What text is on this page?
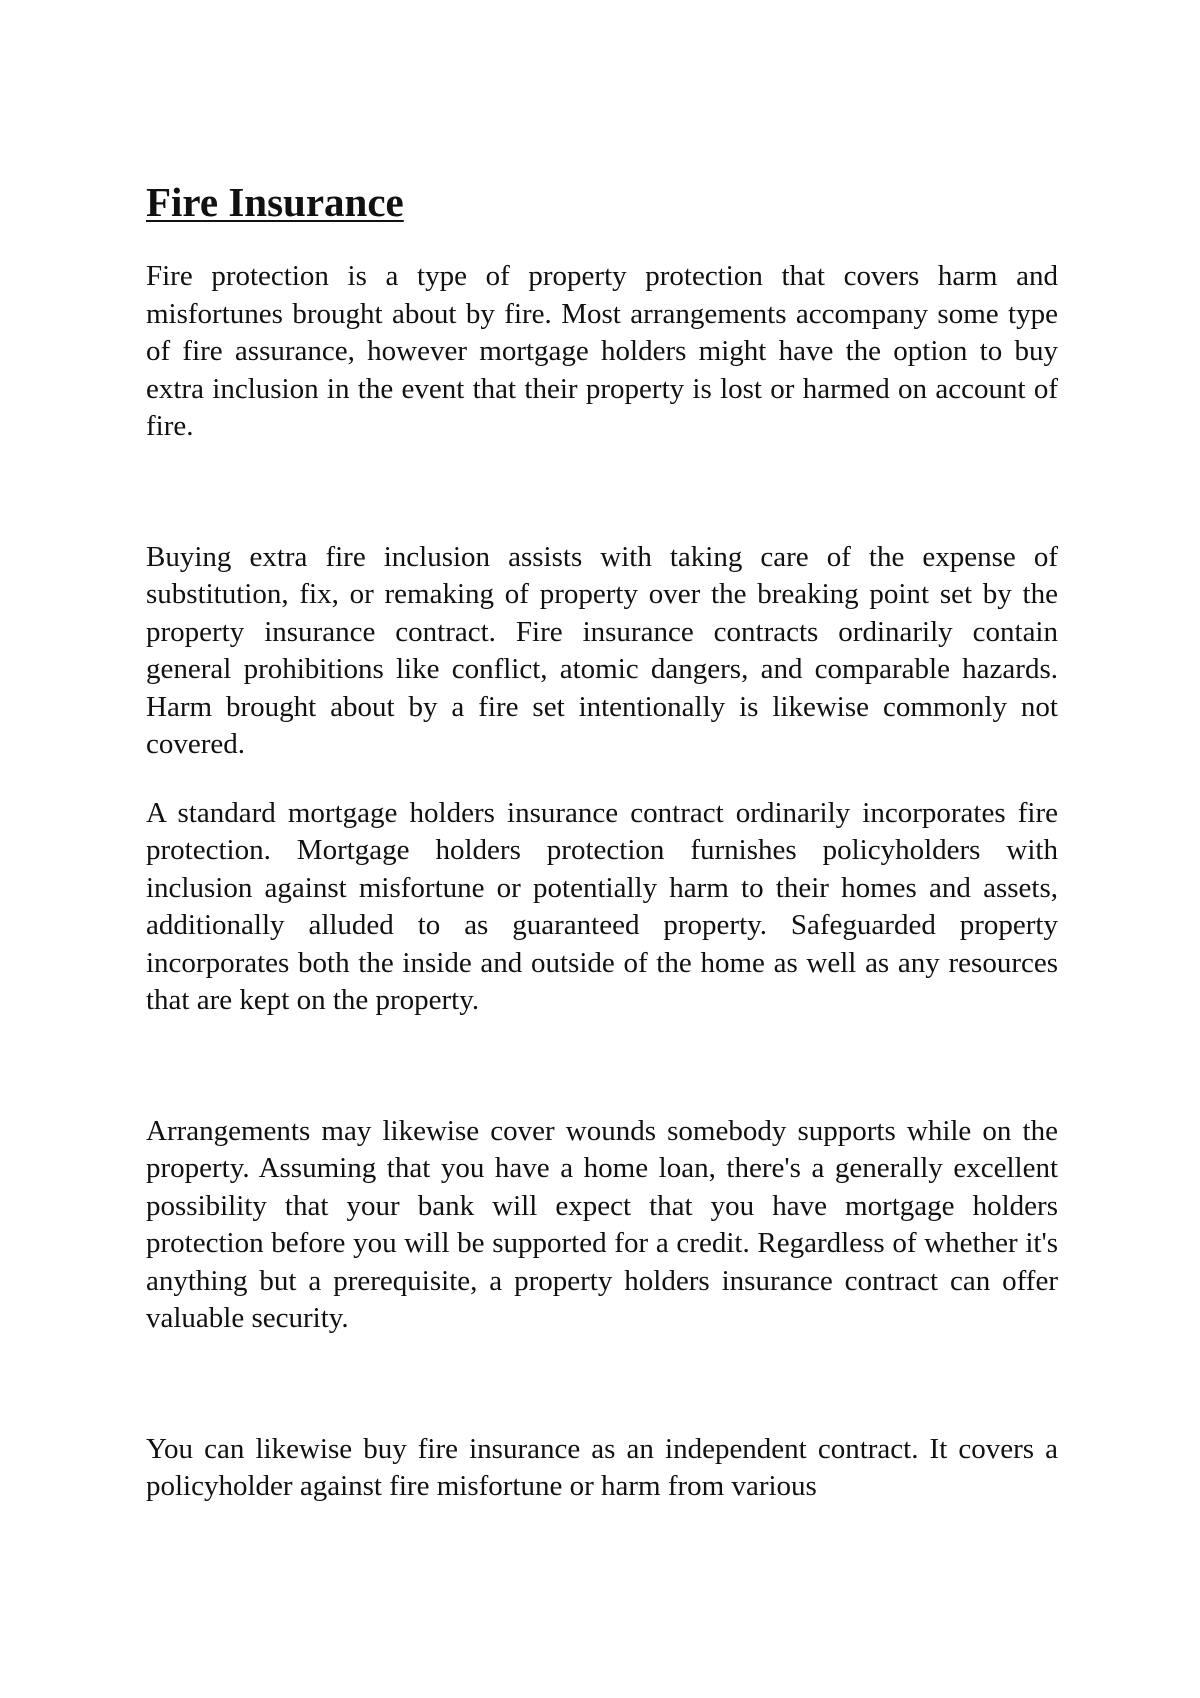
Fire Insurance

Fire protection is a type of property protection that covers harm and misfortunes brought about by fire. Most arrangements accompany some type of fire assurance, however mortgage holders might have the option to buy extra inclusion in the event that their property is lost or harmed on account of fire.

Buying extra fire inclusion assists with taking care of the expense of substitution, fix, or remaking of property over the breaking point set by the property insurance contract. Fire insurance contracts ordinarily contain general prohibitions like conflict, atomic dangers, and comparable hazards. Harm brought about by a fire set intentionally is likewise commonly not covered.

A standard mortgage holders insurance contract ordinarily incorporates fire protection. Mortgage holders protection furnishes policyholders with inclusion against misfortune or potentially harm to their homes and assets, additionally alluded to as guaranteed property. Safeguarded property incorporates both the inside and outside of the home as well as any resources that are kept on the property.

Arrangements may likewise cover wounds somebody supports while on the property. Assuming that you have a home loan, there's a generally excellent possibility that your bank will expect that you have mortgage holders protection before you will be supported for a credit. Regardless of whether it's anything but a prerequisite, a property holders insurance contract can offer valuable security.

You can likewise buy fire insurance as an independent contract. It covers a policyholder against fire misfortune or harm from various
